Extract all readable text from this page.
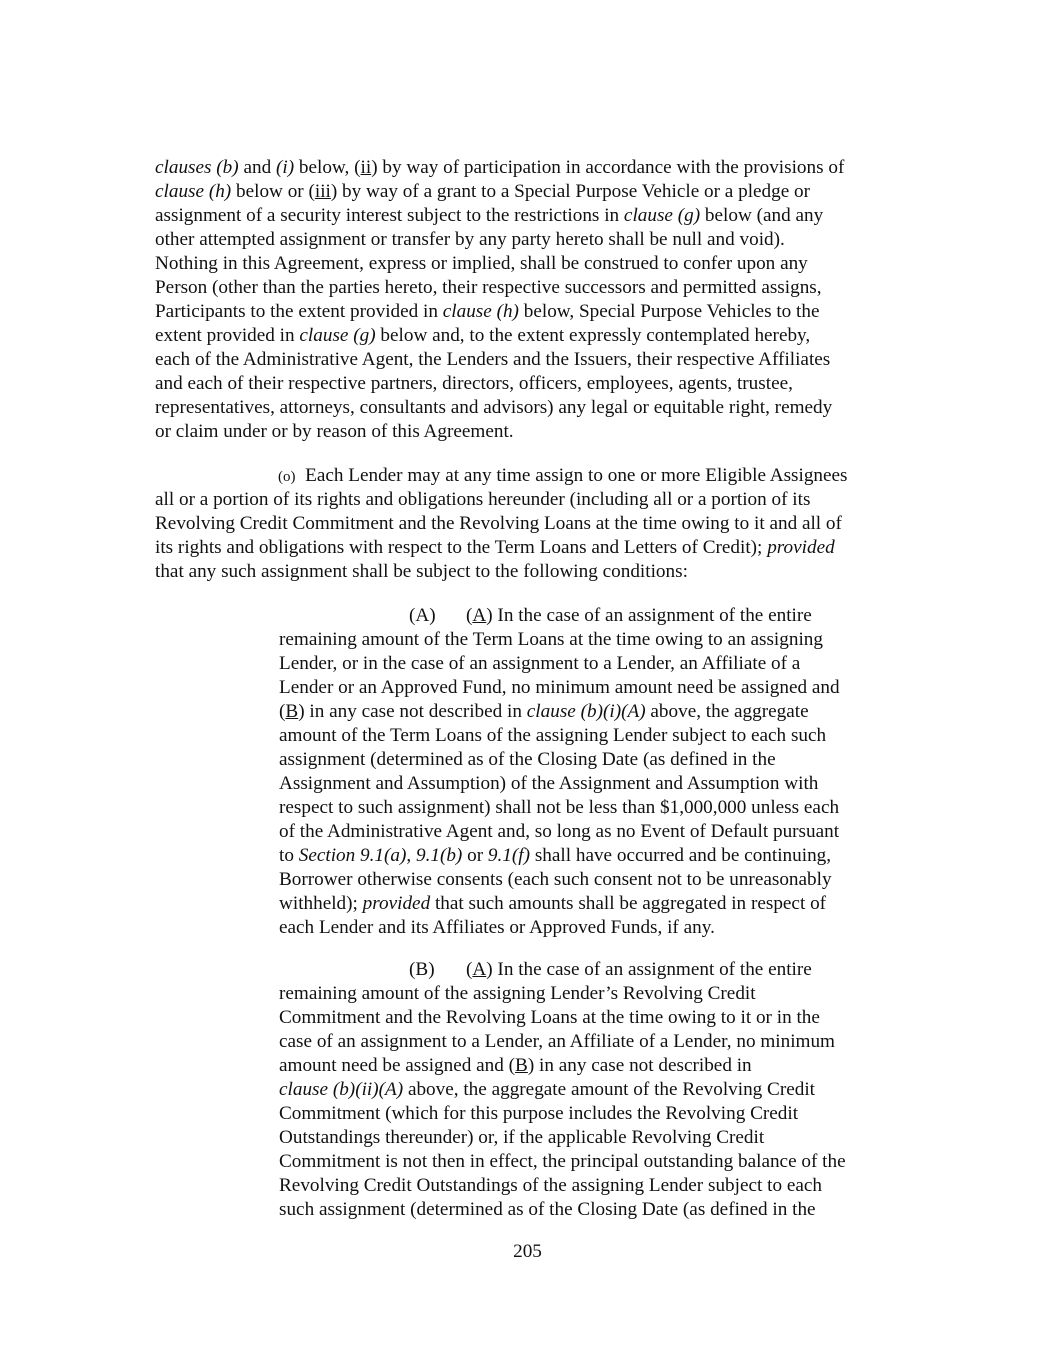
clauses (b) and (i) below, (ii) by way of participation in accordance with the provisions of
clause (h) below or (iii) by way of a grant to a Special Purpose Vehicle or a pledge or
assignment of a security interest subject to the restrictions in clause (g) below (and any
other attempted assignment or transfer by any party hereto shall be null and void).
Nothing in this Agreement, express or implied, shall be construed to confer upon any
Person (other than the parties hereto, their respective successors and permitted assigns,
Participants to the extent provided in clause (h) below, Special Purpose Vehicles to the
extent provided in clause (g) below and, to the extent expressly contemplated hereby,
each of the Administrative Agent, the Lenders and the Issuers, their respective Affiliates
and each of their respective partners, directors, officers, employees, agents, trustee,
representatives, attorneys, consultants and advisors) any legal or equitable right, remedy
or claim under or by reason of this Agreement.
(o) Each Lender may at any time assign to one or more Eligible Assignees
all or a portion of its rights and obligations hereunder (including all or a portion of its
Revolving Credit Commitment and the Revolving Loans at the time owing to it and all of
its rights and obligations with respect to the Term Loans and Letters of Credit); provided
that any such assignment shall be subject to the following conditions:
(A) (A) In the case of an assignment of the entire
remaining amount of the Term Loans at the time owing to an assigning
Lender, or in the case of an assignment to a Lender, an Affiliate of a
Lender or an Approved Fund, no minimum amount need be assigned and
(B) in any case not described in clause (b)(i)(A) above, the aggregate
amount of the Term Loans of the assigning Lender subject to each such
assignment (determined as of the Closing Date (as defined in the
Assignment and Assumption) of the Assignment and Assumption with
respect to such assignment) shall not be less than $1,000,000 unless each
of the Administrative Agent and, so long as no Event of Default pursuant
to Section 9.1(a), 9.1(b) or 9.1(f) shall have occurred and be continuing,
Borrower otherwise consents (each such consent not to be unreasonably
withheld); provided that such amounts shall be aggregated in respect of
each Lender and its Affiliates or Approved Funds, if any.
(B) (A) In the case of an assignment of the entire
remaining amount of the assigning Lender’s Revolving Credit
Commitment and the Revolving Loans at the time owing to it or in the
case of an assignment to a Lender, an Affiliate of a Lender, no minimum
amount need be assigned and (B) in any case not described in
clause (b)(ii)(A) above, the aggregate amount of the Revolving Credit
Commitment (which for this purpose includes the Revolving Credit
Outstandings thereunder) or, if the applicable Revolving Credit
Commitment is not then in effect, the principal outstanding balance of the
Revolving Credit Outstandings of the assigning Lender subject to each
such assignment (determined as of the Closing Date (as defined in the
205
